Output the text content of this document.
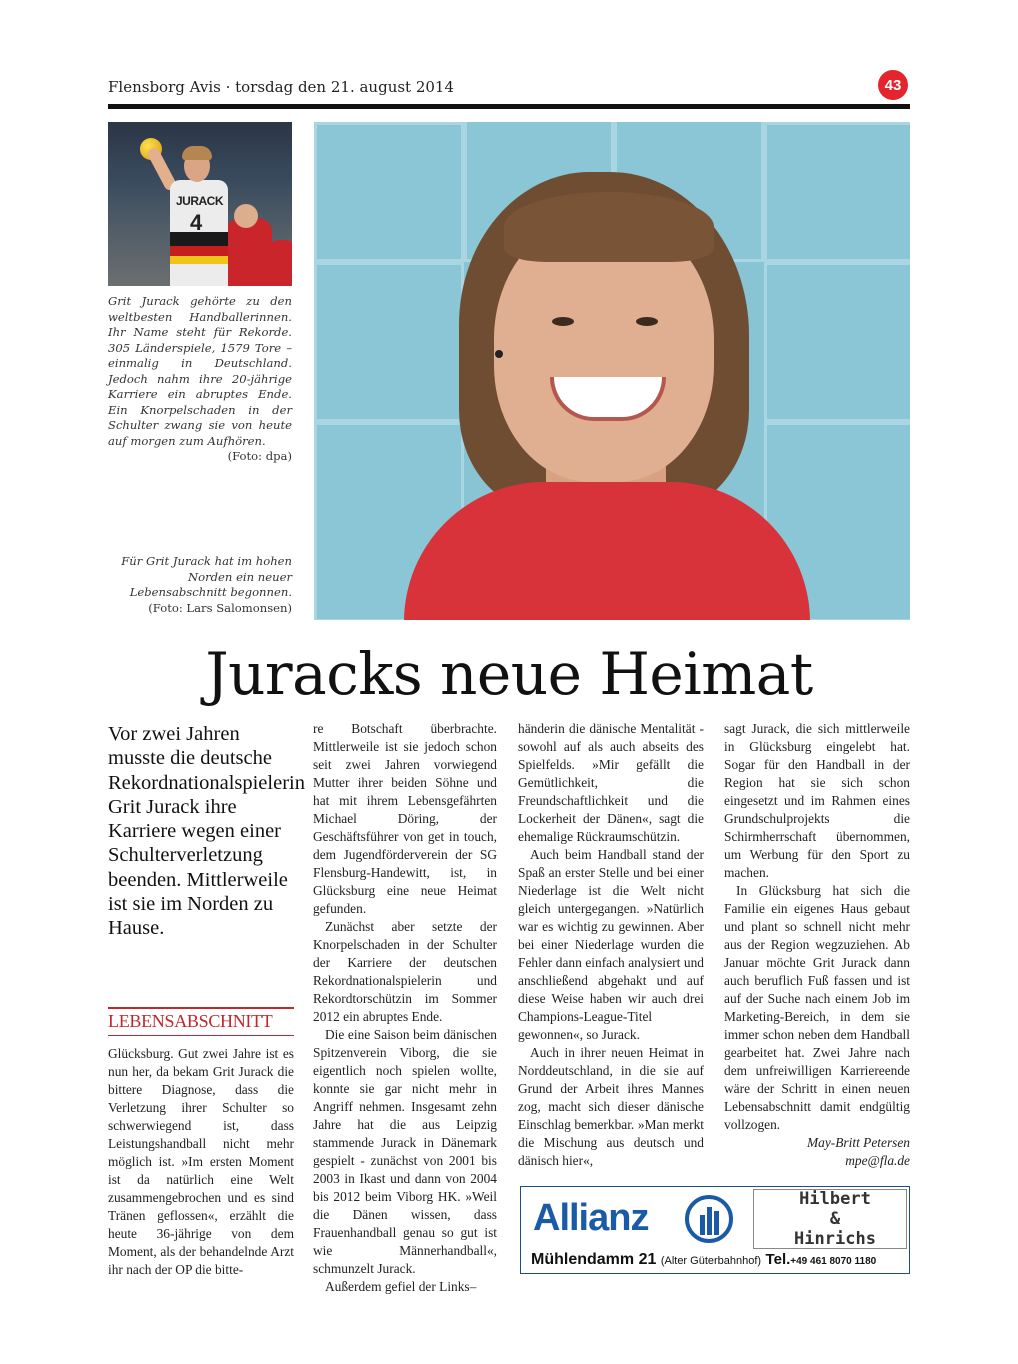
Flensborg Avis · torsdag den 21. august 2014	43
JURACK
4
Grit Jurack gehörte zu den weltbesten Handballerinnen. Ihr Name steht für Rekorde. 305 Länderspiele, 1579 Tore – einmalig in Deutschland. Jedoch nahm ihre 20-jährige Karriere ein abruptes Ende. Ein Knorpelschaden in der Schulter zwang sie von heute auf morgen zum Aufhören.
(Foto: dpa)
Für Grit Jurack hat im hohen
Norden ein neuer
Lebensabschnitt begonnen.
(Foto: Lars Salomonsen)
Juracks neue Heimat
Vor zwei Jahren musste die deutsche Rekordnationalspielerin Grit Jurack ihre Karriere wegen einer Schulterverletzung beenden. Mittlerweile ist sie im Norden zu Hause.
LEBENSABSCHNITT

Glücksburg. Gut zwei Jahre ist es nun her, da bekam Grit Jurack die bittere Diagnose, dass die Verletzung ihrer Schulter so schwerwiegend ist, dass Leistungshandball nicht mehr möglich ist. »Im ersten Moment ist da natürlich eine Welt zusammengebrochen und es sind Tränen geflossen«, erzählt die heute 36-jährige von dem Moment, als der behandelnde Arzt ihr nach der OP die bitte-

re Botschaft überbrachte. Mittlerweile ist sie jedoch schon seit zwei Jahren vorwiegend Mutter ihrer beiden Söhne und hat mit ihrem Lebensgefährten Michael Döring, der Geschäftsführer von get in touch, dem Jugendförderverein der SG Flensburg-Handewitt, ist, in Glücksburg eine neue Heimat gefunden.

Zunächst aber setzte der Knorpelschaden in der Schulter der Karriere der deutschen Rekordnationalspielerin und Rekordtorschützin im Sommer 2012 ein abruptes Ende.

Die eine Saison beim dänischen Spitzenverein Viborg, die sie eigentlich noch spielen wollte, konnte sie gar nicht mehr in Angriff nehmen. Insgesamt zehn Jahre hat die aus Leipzig stammende Jurack in Dänemark gespielt - zunächst von 2001 bis 2003 in Ikast und dann von 2004 bis 2012 beim Viborg HK. »Weil die Dänen wissen, dass Frauenhandball genau so gut ist wie Männerhandball«, schmunzelt Jurack.

Außerdem gefiel der Links–

händerin die dänische Mentalität - sowohl auf als auch abseits des Spielfelds. »Mir gefällt die Gemütlichkeit, die Freundschaftlichkeit und die Lockerheit der Dänen«, sagt die ehemalige Rückraumschützin.

Auch beim Handball stand der Spaß an erster Stelle und bei einer Niederlage ist die Welt nicht gleich untergegangen. »Natürlich war es wichtig zu gewinnen. Aber bei einer Niederlage wurden die Fehler dann einfach analysiert und anschließend abgehakt und auf diese Weise haben wir auch drei Champions-League-Titel gewonnen«, so Jurack.

Auch in ihrer neuen Heimat in Norddeutschland, in die sie auf Grund der Arbeit ihres Mannes zog, macht sich dieser dänische Einschlag bemerkbar. »Man merkt die Mischung aus deutsch und dänisch hier«,

sagt Jurack, die sich mittlerweile in Glücksburg eingelebt hat. Sogar für den Handball in der Region hat sie sich schon eingesetzt und im Rahmen eines Grundschulprojekts die Schirmherrschaft übernommen, um Werbung für den Sport zu machen.

In Glücksburg hat sich die Familie ein eigenes Haus gebaut und plant so schnell nicht mehr aus der Region wegzuziehen. Ab Januar möchte Grit Jurack dann auch beruflich Fuß fassen und ist auf der Suche nach einem Job im Marketing-Bereich, in dem sie immer schon neben dem Handball gearbeitet hat. Zwei Jahre nach dem unfreiwilligen Karriereende wäre der Schritt in einen neuen Lebensabschnitt damit endgültig vollzogen.

May-Britt Petersen

mpe@fla.de

Allianz	Hilbert
&
Hinrichs
Mühlendamm 21 (Alter Güterbahnhof) Tel.+49 461 8070 1180
